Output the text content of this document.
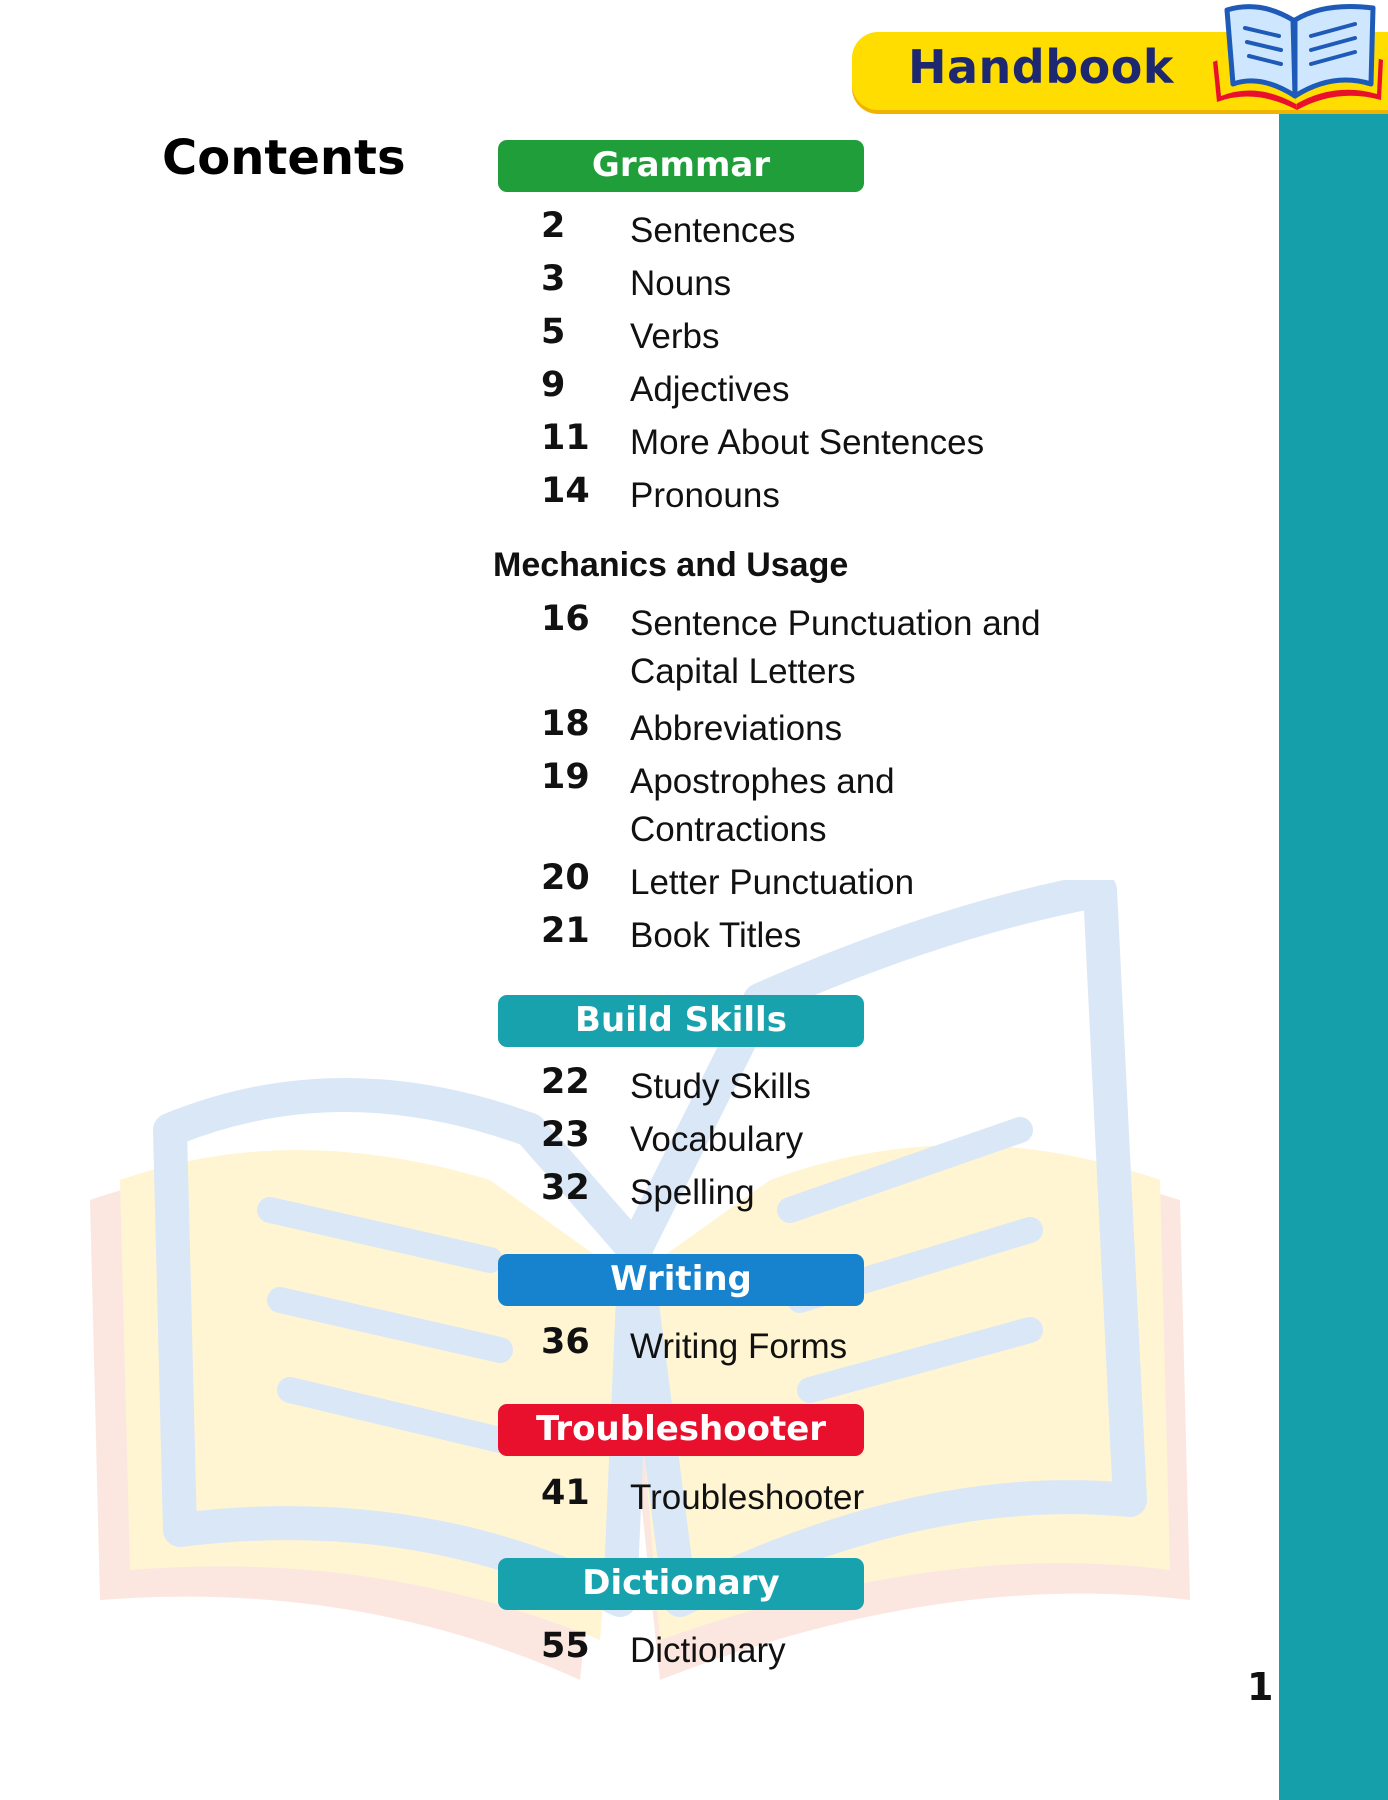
Handbook
Contents	Grammar
2 Sentences
3 Nouns
5 Verbs
9 Adjectives
11 More About Sentences
14 Pronouns
Mechanics and Usage
16 Sentence Punctuation and
Capital Letters
18 Abbreviations
19 Apostrophes and
Contractions
20 Letter Punctuation
21 Book Titles
Build Skills
22 Study Skills
23 Vocabulary
32 Spelling
Writing
36 Writing Forms
Troubleshooter
41 Troubleshooter
Dictionary
55 Dictionary
1
